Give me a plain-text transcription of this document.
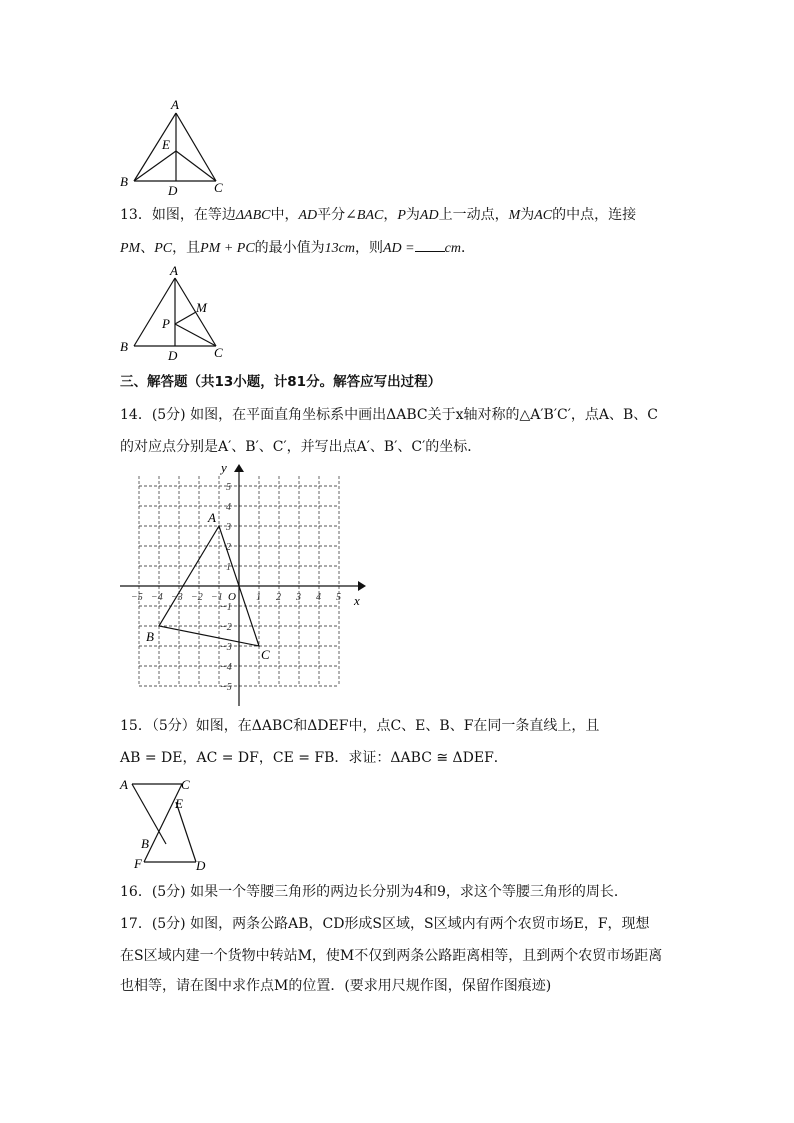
A
B	C
D
E
13．如图，在等边ΔABC中，AD平分∠BAC，P为AD上一动点，M为AC的中点，连接
PM、PC，且PM + PC的最小值为13cm，则AD = cm．
A
B	C
D
P
M
三、解答题（共13小题，计81分。解答应写出过程）
14．(5分) 如图，在平面直角坐标系中画出ΔABC关于x轴对称的△A′B′C′，点A、B、C
的对应点分别是A′、B′、C′，并写出点A′、B′、C′的坐标．
−5 −4 −3 −2 −1	1 2 3 4 5
5
4
3
2
1
−1
−2
−3
−4
−5
x
y
O
A
B
C
15．（5分）如图，在ΔABC和ΔDEF中，点C、E、B、F在同一条直线上，且
AB = DE，AC = DF，CE = FB．求证：ΔABC ≅ ΔDEF．
A	C
E
B
F	D
16．(5分) 如果一个等腰三角形的两边长分别为4和9，求这个等腰三角形的周长．
17．(5分) 如图，两条公路AB，CD形成S区域，S区域内有两个农贸市场E，F，现想
在S区域内建一个货物中转站M，使M不仅到两条公路距离相等，且到两个农贸市场距离
也相等，请在图中求作点M的位置．(要求用尺规作图，保留作图痕迹)
